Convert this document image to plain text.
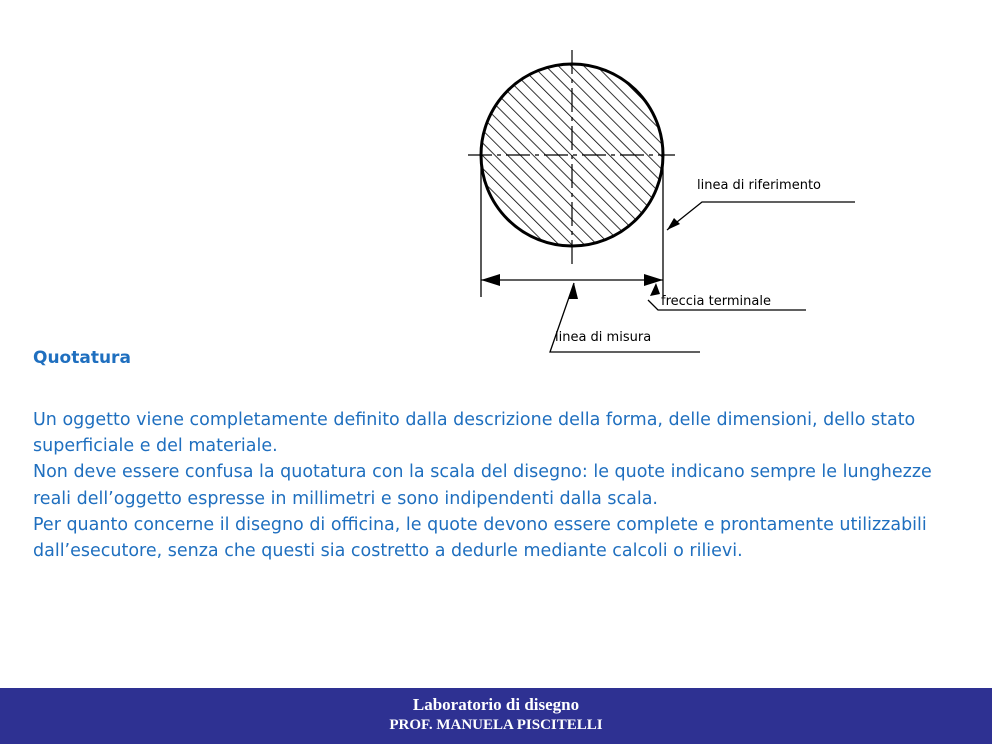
linea di riferimento
freccia terminale
linea di misura
Quotatura

Un oggetto viene completamente definito dalla descrizione della forma, delle dimensioni, dello stato superficiale e del materiale.

Non deve essere confusa la quotatura con la scala del disegno: le quote indicano sempre le lunghezze reali dell’oggetto espresse in millimetri e sono indipendenti dalla scala.

Per quanto concerne il disegno di officina, le quote devono essere complete e prontamente utilizzabili dall’esecutore, senza che questi sia costretto a dedurle mediante calcoli o rilievi.

Laboratorio di disegno
PROF. MANUELA PISCITELLI
